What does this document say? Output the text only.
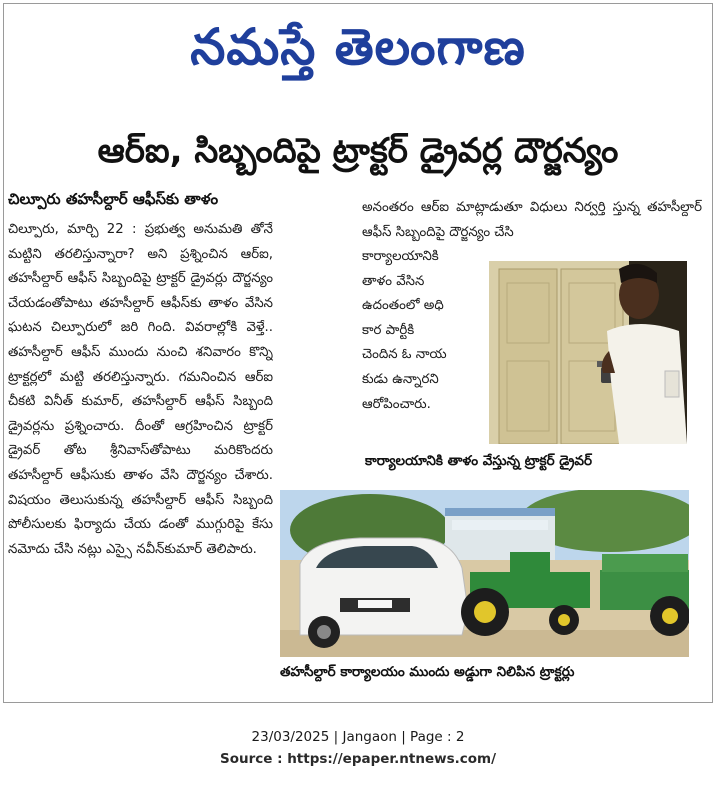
నమస్తే తెలంగాణ
ఆర్ఐ, సిబ్బందిపై ట్రాక్టర్ డ్రైవర్ల దౌర్జన్యం
చిల్పూరు తహసీల్దార్ ఆఫీస్‌కు తాళం

చిల్పూరు, మార్చి 22 : ప్రభుత్వ అనుమతి తోనే మట్టిని తరలిస్తున్నారా? అని ప్రశ్నించిన ఆర్ఐ, తహసీల్దార్ ఆఫీస్ సిబ్బందిపై ట్రాక్టర్ డ్రైవర్లు దౌర్జన్యం చేయడంతోపాటు తహసీల్దార్ ఆఫీస్‌కు తాళం వేసిన ఘటన చిల్పూరులో జరి గింది. వివరాల్లోకి వెళ్తే.. తహసీల్దార్ ఆఫీస్ ముందు నుంచి శనివారం కొన్ని ట్రాక్టర్లలో మట్టి తరలిస్తున్నారు. గమనించిన ఆర్ఐ చీకటి వినీత్ కుమార్, తహసీల్దార్ ఆఫీస్ సిబ్బంది డ్రైవర్లను ప్రశ్నించారు. దీంతో ఆగ్రహించిన ట్రాక్టర్ డ్రైవర్ తోట శ్రీనివాస్‌తోపాటు మరికొందరు తహసీల్దార్ ఆఫీసుకు తాళం వేసి దౌర్జన్యం చేశారు. విషయం తెలుసుకున్న తహసీల్దార్ ఆఫీస్ సిబ్బంది పోలీసులకు ఫిర్యాదు చేయ డంతో ముగ్గురిపై కేసు నమోదు చేసి నట్లు ఎస్సై నవీన్‌కుమార్ తెలిపారు.

అనంతరం ఆర్ఐ మాట్లాడుతూ విధులు నిర్వర్తి స్తున్న తహసీల్దార్ ఆఫీస్ సిబ్బందిపై దౌర్జన్యం చేసి
కార్యాలయానికి
తాళం వేసిన
ఉదంతంలో అధి
కార పార్టీకి
చెందిన ఓ నాయ
కుడు ఉన్నారని
ఆరోపించారు.
కార్యాలయానికి తాళం వేస్తున్న ట్రాక్టర్ డ్రైవర్
తహసీల్దార్ కార్యాలయం ముందు అడ్డుగా నిలిపిన ట్రాక్టర్లు
23/03/2025 | Jangaon | Page : 2
Source : https://epaper.ntnews.com/
